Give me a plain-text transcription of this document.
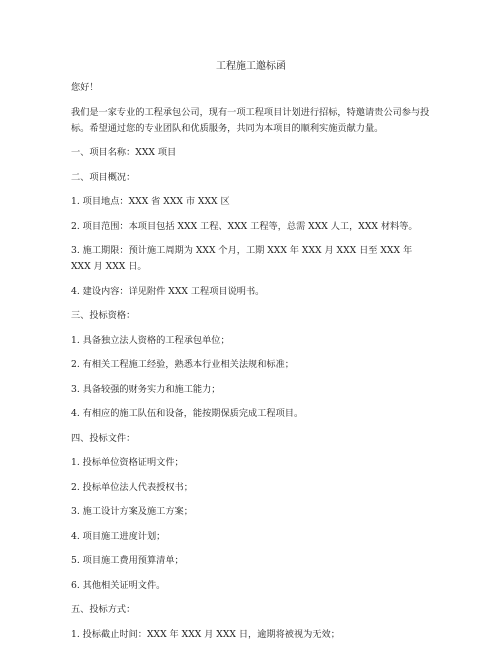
工程施工邀标函

您好！

我们是一家专业的工程承包公司，现有一项工程项目计划进行招标，特邀请贵公司参与投标。希望通过您的专业团队和优质服务，共同为本项目的顺利实施贡献力量。

一、项目名称：XXX 项目

二、项目概况：

1. 项目地点：XXX 省 XXX 市 XXX 区

2. 项目范围：本项目包括 XXX 工程、XXX 工程等，总需 XXX 人工，XXX 材料等。

3. 施工期限：预计施工周期为 XXX 个月，工期 XXX 年 XXX 月 XXX 日至 XXX 年 XXX 月 XXX 日。

4. 建设内容：详见附件 XXX 工程项目说明书。

三、投标资格：

1. 具备独立法人资格的工程承包单位；

2. 有相关工程施工经验，熟悉本行业相关法规和标准；

3. 具备较强的财务实力和施工能力；

4. 有相应的施工队伍和设备，能按期保质完成工程项目。

四、投标文件：

1. 投标单位资格证明文件；

2. 投标单位法人代表授权书；

3. 施工设计方案及施工方案；

4. 项目施工进度计划；

5. 项目施工费用预算清单；

6. 其他相关证明文件。

五、投标方式：

1. 投标截止时间：XXX 年 XXX 月 XXX 日，逾期将被视为无效；
